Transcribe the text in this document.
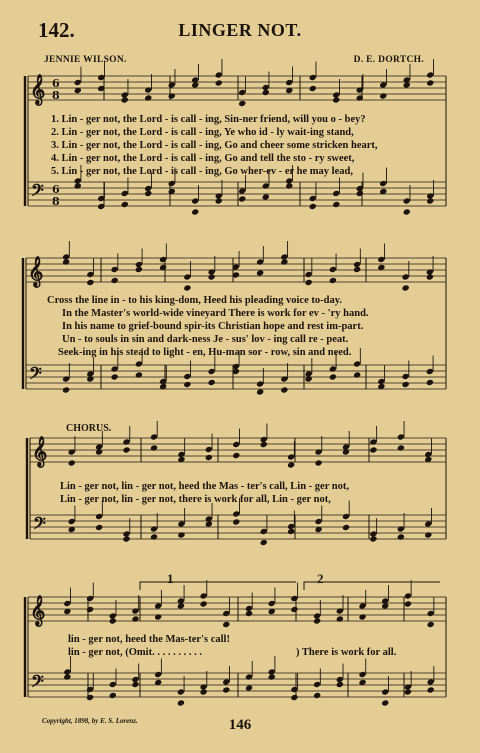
142.	LINGER NOT.
JENNIE WILSON.	D. E. DORTCH.
𝄞
𝄢
6
8
6
8
𝄞
𝄢
𝄞
𝄢
𝄞
𝄢
1. Lin - ger not, the Lord - is call - ing, Sin-ner friend, will you o - bey?
2. Lin - ger not, the Lord - is call - ing, Ye who id - ly wait-ing stand,
3. Lin - ger not, the Lord - is call - ing, Go and cheer some stricken heart,
4. Lin - ger not, the Lord - is call - ing, Go and tell the sto - ry sweet,
5. Lin - ger not, the Lord - is call - ing, Go wher-ev - er he may lead,
Cross the line in - to his king-dom, Heed his pleading voice to-day.
In the Master's world-wide vineyard There is work for ev - 'ry hand.
In his name to grief-bound spir-its Christian hope and rest im-part.
Un - to souls in sin and dark-ness Je - sus' lov - ing call re - peat.
Seek-ing in his stead to light - en, Hu-man sor - row, sin and need.
CHORUS.
Lin - ger not, lin - ger not, heed the Mas - ter's call, Lin - ger not,
Lin - ger not, lin - ger not, there is work for all, Lin - ger not,
lin - ger not, heed the Mas-ter's call!
lin - ger not, (Omit. . . . . . . . . .	) There is work for all.
1	2
Copyright, 1898, by E. S. Lorenz.	146
